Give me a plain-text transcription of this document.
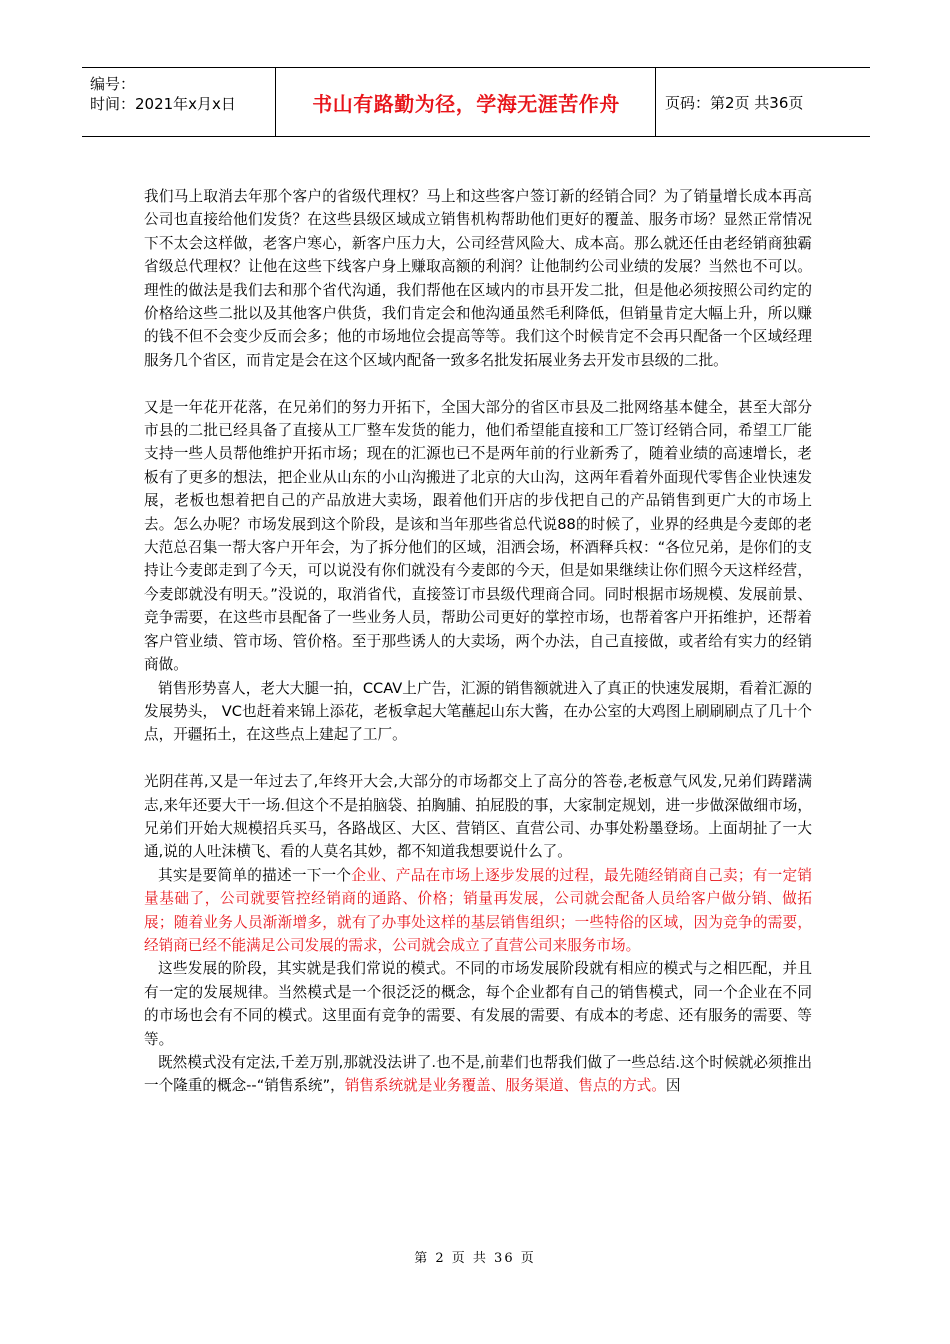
编号：
时间：2021年x月x日	书山有路勤为径，学海无涯苦作舟	页码：第2页 共36页

我们马上取消去年那个客户的省级代理权？马上和这些客户签订新的经销合同？为了销量增长成本再高公司也直接给他们发货？在这些县级区域成立销售机构帮助他们更好的覆盖、服务市场？显然正常情况下不太会这样做，老客户寒心，新客户压力大，公司经营风险大、成本高。那么就还任由老经销商独霸省级总代理权？让他在这些下线客户身上赚取高额的利润？让他制约公司业绩的发展？当然也不可以。理性的做法是我们去和那个省代沟通，我们帮他在区域内的市县开发二批，但是他必须按照公司约定的价格给这些二批以及其他客户供货，我们肯定会和他沟通虽然毛利降低，但销量肯定大幅上升，所以赚的钱不但不会变少反而会多；他的市场地位会提高等等。我们这个时候肯定不会再只配备一个区域经理服务几个省区，而肯定是会在这个区域内配备一致多名批发拓展业务去开发市县级的二批。

又是一年花开花落，在兄弟们的努力开拓下，全国大部分的省区市县及二批网络基本健全，甚至大部分市县的二批已经具备了直接从工厂整车发货的能力，他们希望能直接和工厂签订经销合同，希望工厂能支持一些人员帮他维护开拓市场；现在的汇源也已不是两年前的行业新秀了，随着业绩的高速增长，老板有了更多的想法，把企业从山东的小山沟搬进了北京的大山沟，这两年看着外面现代零售企业快速发展，老板也想着把自己的产品放进大卖场，跟着他们开店的步伐把自己的产品销售到更广大的市场上去。怎么办呢？市场发展到这个阶段，是该和当年那些省总代说88的时候了，业界的经典是今麦郎的老大范总召集一帮大客户开年会，为了拆分他们的区域，泪洒会场，杯酒释兵权：“各位兄弟，是你们的支持让今麦郎走到了今天，可以说没有你们就没有今麦郎的今天，但是如果继续让你们照今天这样经营，今麦郎就没有明天。”没说的，取消省代，直接签订市县级代理商合同。同时根据市场规模、发展前景、竞争需要，在这些市县配备了一些业务人员，帮助公司更好的掌控市场，也帮着客户开拓维护，还帮着客户管业绩、管市场、管价格。至于那些诱人的大卖场，两个办法，自己直接做，或者给有实力的经销商做。

销售形势喜人，老大大腿一拍，CCAV上广告，汇源的销售额就进入了真正的快速发展期，看着汇源的发展势头， VC也赶着来锦上添花，老板拿起大笔蘸起山东大酱，在办公室的大鸡图上刷刷刷点了几十个点，开疆拓土，在这些点上建起了工厂。

光阴荏苒,又是一年过去了,年终开大会,大部分的市场都交上了高分的答卷,老板意气风发,兄弟们踌躇满志,来年还要大干一场.但这个不是拍脑袋、拍胸脯、拍屁股的事，大家制定规划，进一步做深做细市场，兄弟们开始大规模招兵买马，各路战区、大区、营销区、直营公司、办事处粉墨登场。上面胡扯了一大通,说的人吐沫横飞、看的人莫名其妙，都不知道我想要说什么了。

其实是要简单的描述一下一个企业、产品在市场上逐步发展的过程，最先随经销商自己卖；有一定销量基础了，公司就要管控经销商的通路、价格；销量再发展，公司就会配备人员给客户做分销、做拓展；随着业务人员渐渐增多，就有了办事处这样的基层销售组织；一些特俗的区域，因为竞争的需要，经销商已经不能满足公司发展的需求，公司就会成立了直营公司来服务市场。

这些发展的阶段，其实就是我们常说的模式。不同的市场发展阶段就有相应的模式与之相匹配，并且有一定的发展规律。当然模式是一个很泛泛的概念，每个企业都有自己的销售模式，同一个企业在不同的市场也会有不同的模式。这里面有竞争的需要、有发展的需要、有成本的考虑、还有服务的需要、等等。

既然模式没有定法,千差万别,那就没法讲了.也不是,前辈们也帮我们做了一些总结.这个时候就必须推出一个隆重的概念--“销售系统”，销售系统就是业务覆盖、服务渠道、售点的方式。因

第 2 页 共 36 页
